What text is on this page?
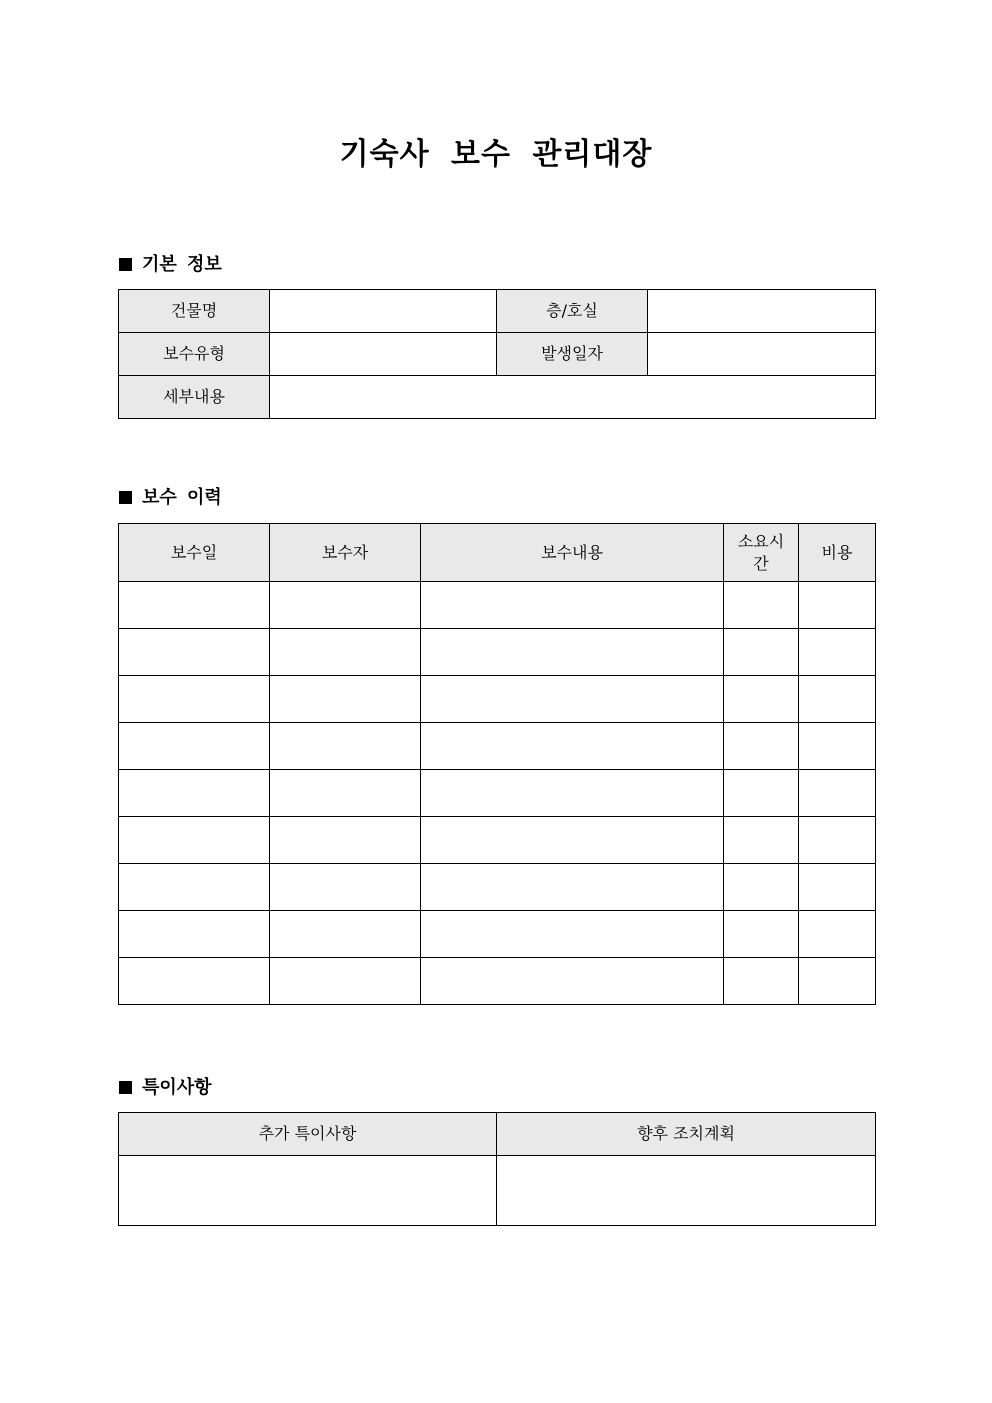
기숙사 보수 관리대장
기본 정보
건물명		층/호실	
보수유형		발생일자	
세부내용			
보수 이력
보수일	보수자	보수내용	소요시간	비용

특이사항
추가 특이사항	향후 조치계획
